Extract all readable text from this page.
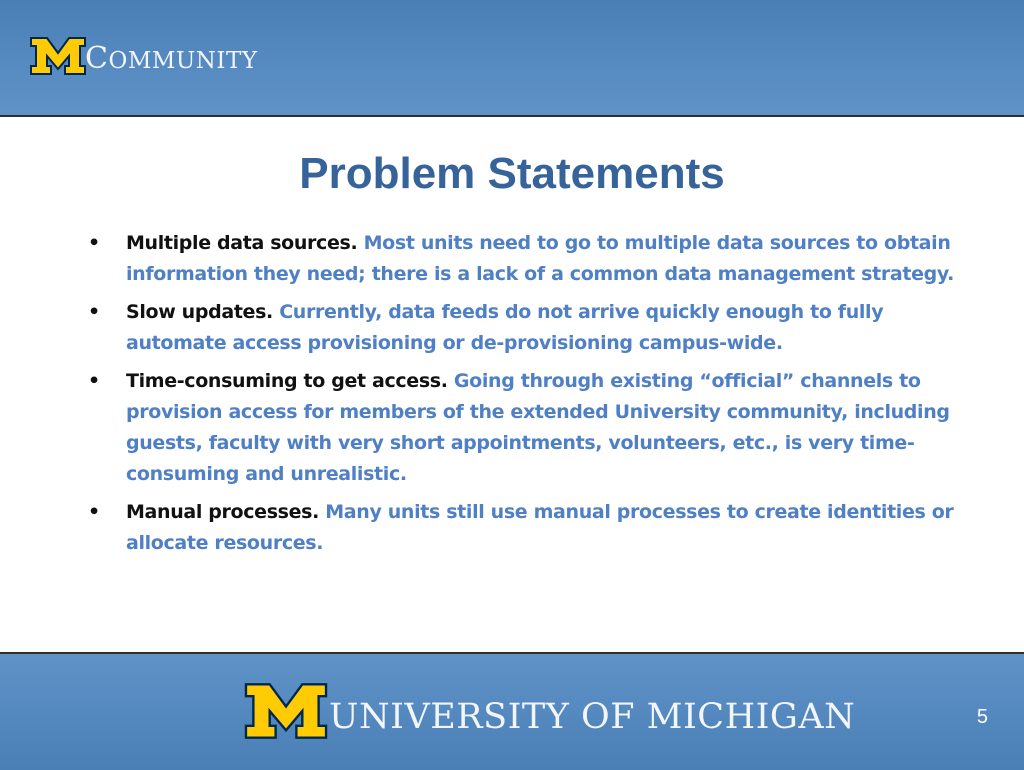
COMMUNITY
Problem Statements
• Multiple data sources. Most units need to go to multiple data sources to obtain information they need; there is a lack of a common data management strategy.
• Slow updates. Currently, data feeds do not arrive quickly enough to fully automate access provisioning or de-provisioning campus-wide.
• Time-consuming to get access. Going through existing “official” channels to provision access for members of the extended University community, including guests, faculty with very short appointments, volunteers, etc., is very time-consuming and unrealistic.
• Manual processes. Many units still use manual processes to create identities or allocate resources.
UNIVERSITY OF MICHIGAN	5
